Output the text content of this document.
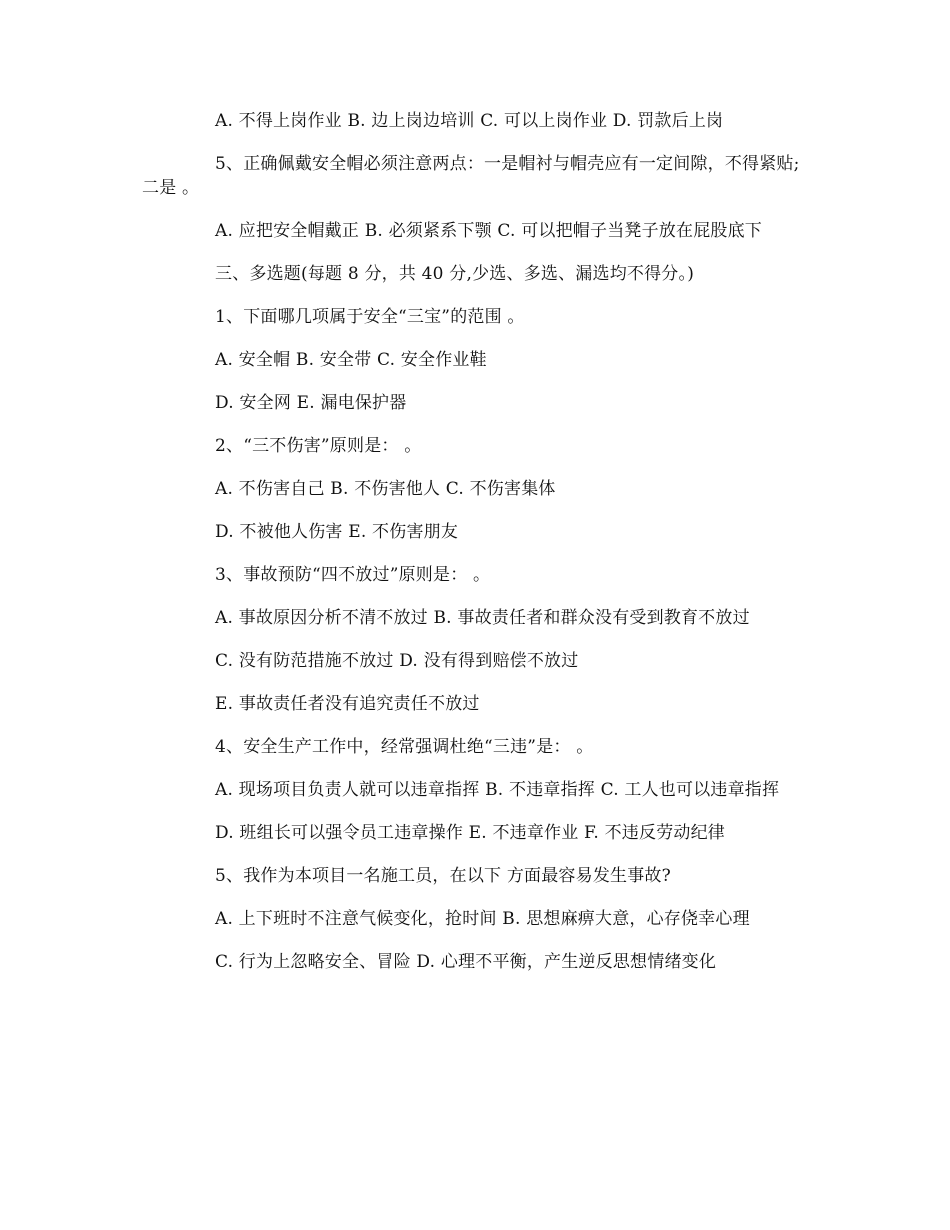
A. 不得上岗作业 B. 边上岗边培训 C. 可以上岗作业 D. 罚款后上岗

5、正确佩戴安全帽必须注意两点：一是帽衬与帽壳应有一定间隙，不得紧贴;二是 。

A. 应把安全帽戴正 B. 必须紧系下颚 C. 可以把帽子当凳子放在屁股底下

三、多选题(每题 8 分，共 40 分,少选、多选、漏选均不得分。)

1、下面哪几项属于安全“三宝”的范围 。

A. 安全帽 B. 安全带 C. 安全作业鞋

D. 安全网 E. 漏电保护器

2、“三不伤害”原则是： 。

A. 不伤害自己 B. 不伤害他人 C. 不伤害集体

D. 不被他人伤害 E. 不伤害朋友

3、事故预防“四不放过”原则是： 。

A. 事故原因分析不清不放过 B. 事故责任者和群众没有受到教育不放过

C. 没有防范措施不放过 D. 没有得到赔偿不放过

E. 事故责任者没有追究责任不放过

4、安全生产工作中，经常强调杜绝“三违”是： 。

A. 现场项目负责人就可以违章指挥 B. 不违章指挥 C. 工人也可以违章指挥

D. 班组长可以强令员工违章操作 E. 不违章作业 F. 不违反劳动纪律

5、我作为本项目一名施工员，在以下 方面最容易发生事故?

A. 上下班时不注意气候变化，抢时间 B. 思想麻痹大意，心存侥幸心理

C. 行为上忽略安全、冒险 D. 心理不平衡，产生逆反思想情绪变化
